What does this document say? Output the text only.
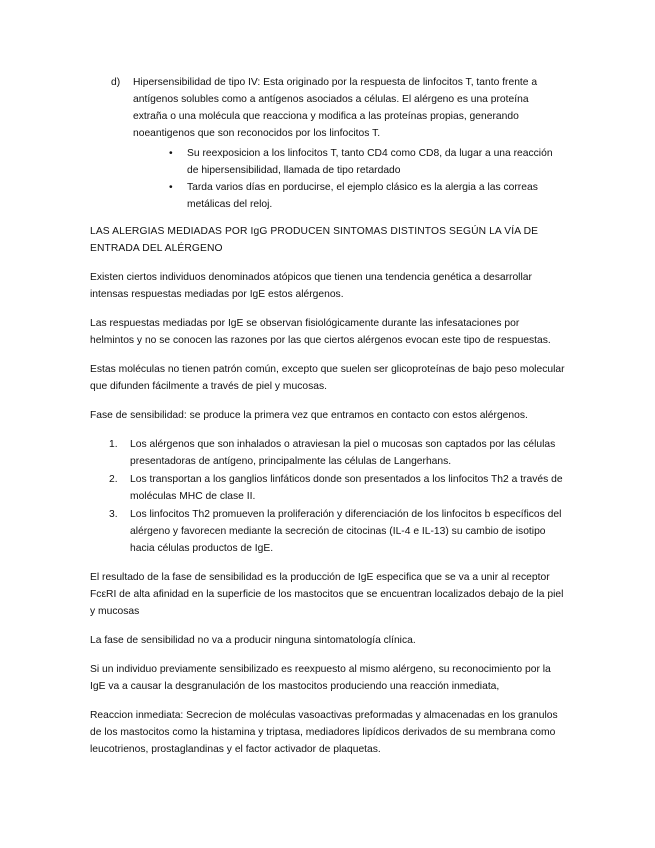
d) Hipersensibilidad de tipo IV: Esta originado por la respuesta de linfocitos T, tanto frente a antígenos solubles como a antígenos asociados a células. El alérgeno es una proteína extraña o una molécula que reacciona y modifica a las proteínas propias, generando noeantigenos que son reconocidos por los linfocitos T.

• Su reexposicion a los linfocitos T, tanto CD4 como CD8, da lugar a una reacción de hipersensibilidad, llamada de tipo retardado
• Tarda varios días en porducirse, el ejemplo clásico es la alergia a las correas metálicas del reloj.

LAS ALERGIAS MEDIADAS POR IgG PRODUCEN SINTOMAS DISTINTOS SEGÚN LA VÍA DE ENTRADA DEL ALÉRGENO

Existen ciertos individuos denominados atópicos que tienen una tendencia genética a desarrollar intensas respuestas mediadas por IgE estos alérgenos.

Las respuestas mediadas por IgE se observan fisiológicamente durante las infesataciones por helmintos y no se conocen las razones por las que ciertos alérgenos evocan este tipo de respuestas.

Estas moléculas no tienen patrón común, excepto que suelen ser glicoproteínas de bajo peso molecular que difunden fácilmente a través de piel y mucosas.

Fase de sensibilidad: se produce la primera vez que entramos en contacto con estos alérgenos.

1. Los alérgenos que son inhalados o atraviesan la piel o mucosas son captados por las células presentadoras de antígeno, principalmente las células de Langerhans.
2. Los transportan a los ganglios linfáticos donde son presentados a los linfocitos Th2 a través de moléculas MHC de clase II.
3. Los linfocitos Th2 promueven la proliferación y diferenciación de los linfocitos b específicos del alérgeno y favorecen mediante la secreción de citocinas (IL-4 e IL-13) su cambio de isotipo hacia células productos de IgE.

El resultado de la fase de sensibilidad es la producción de IgE especifica que se va a unir al receptor FcεRI de alta afinidad en la superficie de los mastocitos que se encuentran localizados debajo de la piel y mucosas

La fase de sensibilidad no va a producir ninguna sintomatología clínica.

Si un individuo previamente sensibilizado es reexpuesto al mismo alérgeno, su reconocimiento por la IgE va a causar la desgranulación de los mastocitos produciendo una reacción inmediata,

Reaccion inmediata: Secrecion de moléculas vasoactivas preformadas y almacenadas en los granulos de los mastocitos como la histamina y triptasa, mediadores lipídicos derivados de su membrana como leucotrienos, prostaglandinas y el factor activador de plaquetas.
